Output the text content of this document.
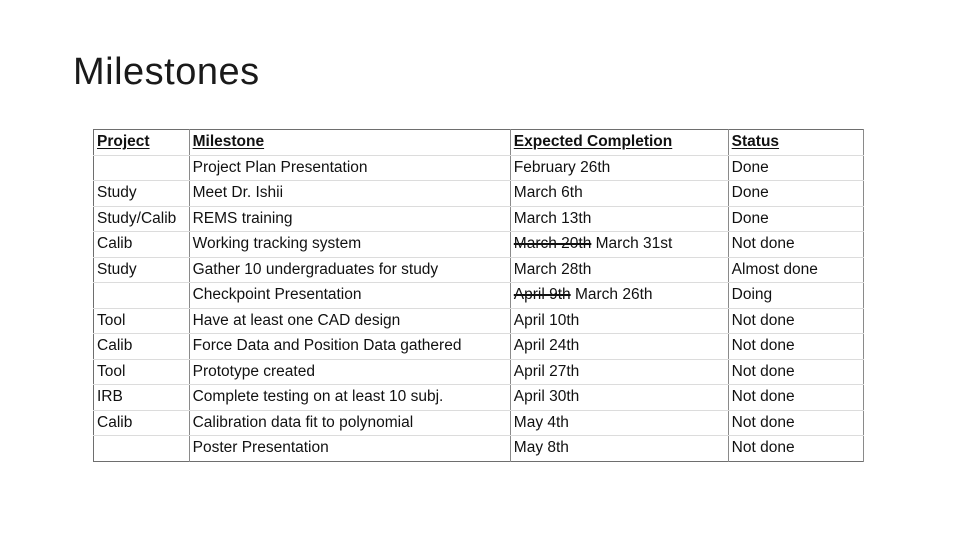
Milestones
Project	Milestone	Expected Completion	Status
	Project Plan Presentation	February 26th	Done
Study	Meet Dr. Ishii	March 6th	Done
Study/Calib	REMS training	March 13th	Done
Calib	Working tracking system	March 20th March 31st	Not done
Study	Gather 10 undergraduates for study	March 28th	Almost done
	Checkpoint Presentation	April 9th March 26th	Doing
Tool	Have at least one CAD design	April 10th	Not done
Calib	Force Data and Position Data gathered	April 24th	Not done
Tool	Prototype created	April 27th	Not done
IRB	Complete testing on at least 10 subj.	April 30th	Not done
Calib	Calibration data fit to polynomial	May 4th	Not done
	Poster Presentation	May 8th	Not done
